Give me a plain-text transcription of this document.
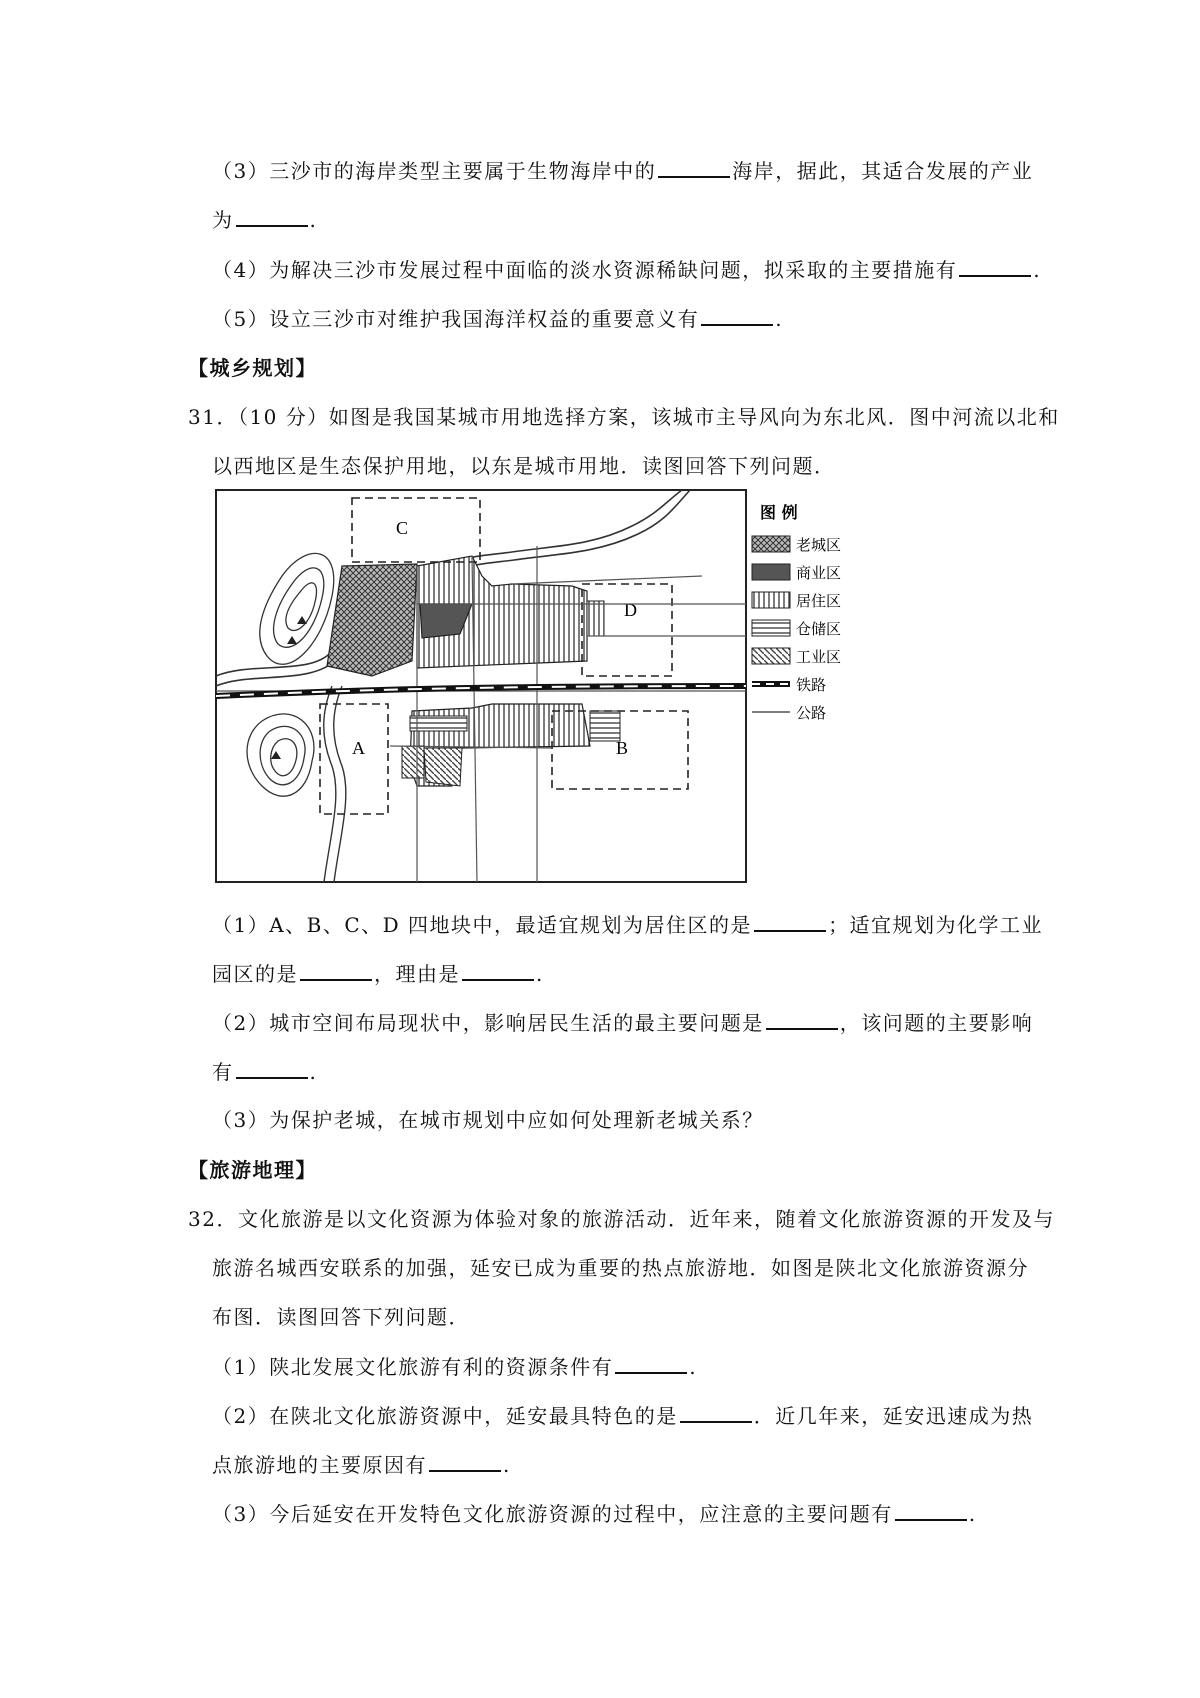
（3）三沙市的海岸类型主要属于生物海岸中的	海岸，据此，其适合发展的产业
为	.
（4）为解决三沙市发展过程中面临的淡水资源稀缺问题，拟采取的主要措施有	.
（5）设立三沙市对维护我国海洋权益的重要意义有	.
【城乡规划】
31．（10 分）如图是我国某城市用地选择方案，该城市主导风向为东北风．图中河流以北和
以西地区是生态保护用地，以东是城市用地．读图回答下列问题．
C
D
A	B
图 例
老城区
商业区
居住区
仓储区
工业区
铁路
公路
（1）A、B、C、D 四地块中，最适宜规划为居住区的是	；适宜规划为化学工业
园区的是	，理由是	.
（2）城市空间布局现状中，影响居民生活的最主要问题是	，该问题的主要影响
有	.
（3）为保护老城，在城市规划中应如何处理新老城关系？
【旅游地理】
32．文化旅游是以文化资源为体验对象的旅游活动．近年来，随着文化旅游资源的开发及与
旅游名城西安联系的加强，延安已成为重要的热点旅游地．如图是陕北文化旅游资源分
布图．读图回答下列问题．
（1）陕北发展文化旅游有利的资源条件有	.
（2）在陕北文化旅游资源中，延安最具特色的是	．近几年来，延安迅速成为热
点旅游地的主要原因有	.
（3）今后延安在开发特色文化旅游资源的过程中，应注意的主要问题有	.
